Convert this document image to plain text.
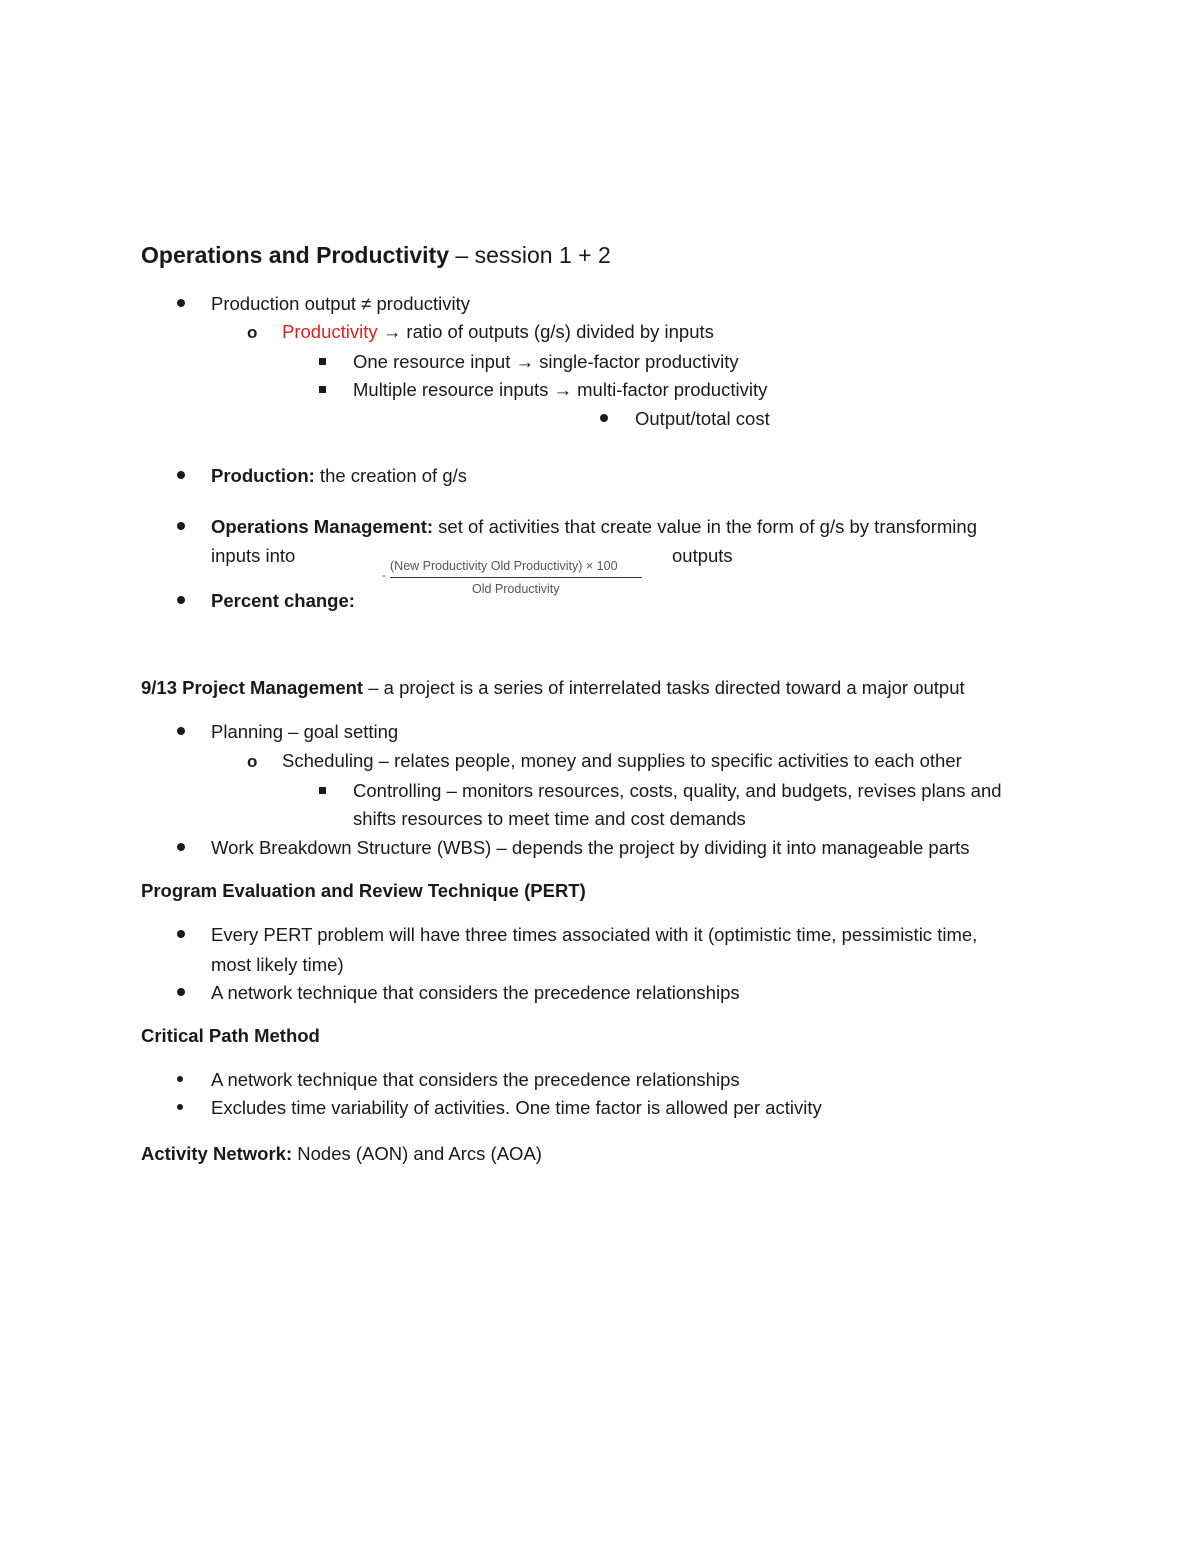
Operations and Productivity – session 1 + 2
Production output ≠ productivity
o Productivity → ratio of outputs (g/s) divided by inputs
One resource input → single-factor productivity
Multiple resource inputs → multi-factor productivity
Output/total cost
Production: the creation of g/s
Operations Management: set of activities that create value in the form of g/s by transforming
inputs into	outputs
-
(New Productivity Old Productivity) × 100
Old Productivity
Percent change:
9/13 Project Management – a project is a series of interrelated tasks directed toward a major output
Planning – goal setting
o Scheduling – relates people, money and supplies to specific activities to each other
Controlling – monitors resources, costs, quality, and budgets, revises plans and
shifts resources to meet time and cost demands
Work Breakdown Structure (WBS) – depends the project by dividing it into manageable parts
Program Evaluation and Review Technique (PERT)
Every PERT problem will have three times associated with it (optimistic time, pessimistic time,
most likely time)
A network technique that considers the precedence relationships
Critical Path Method
A network technique that considers the precedence relationships
Excludes time variability of activities. One time factor is allowed per activity
Activity Network: Nodes (AON) and Arcs (AOA)
